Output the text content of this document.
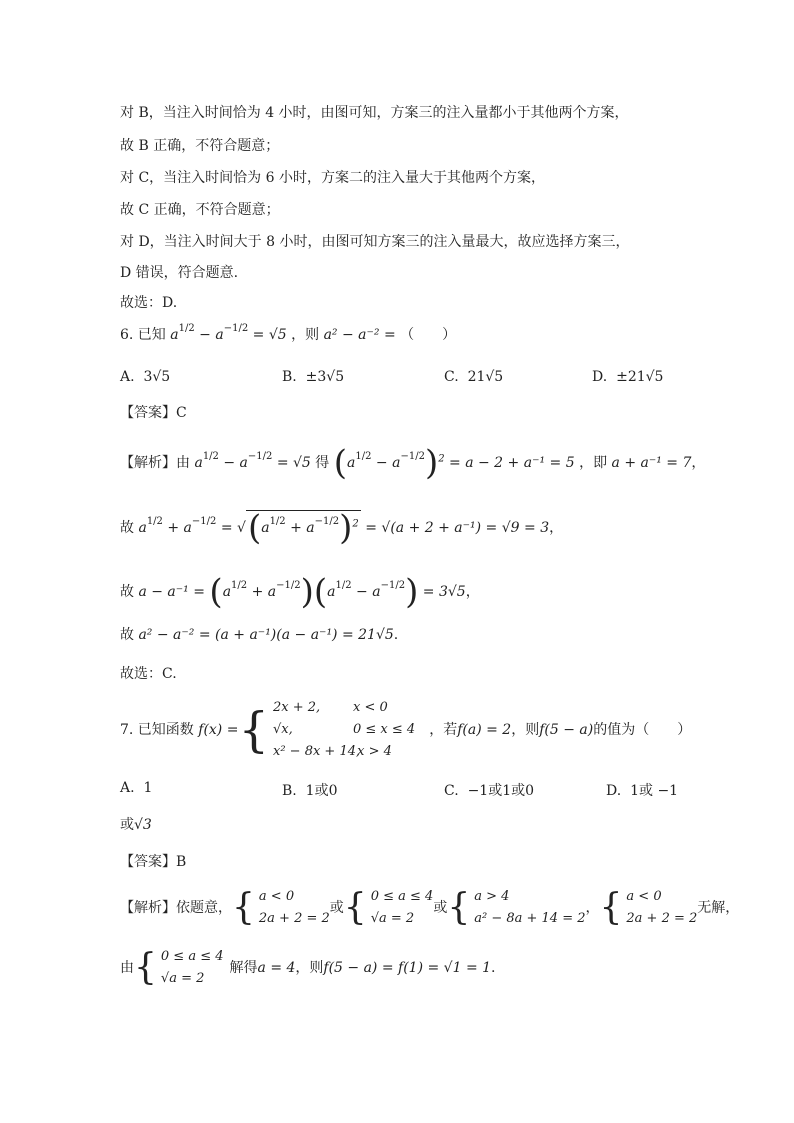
对 B，当注入时间恰为 4 小时，由图可知，方案三的注入量都小于其他两个方案，
故 B 正确，不符合题意；
对 C，当注入时间恰为 6 小时，方案二的注入量大于其他两个方案，
故 C 正确，不符合题意；
对 D，当注入时间大于 8 小时，由图可知方案三的注入量最大，故应选择方案三，
D 错误，符合题意.
故选：D.
6. 已知 $a^{1/2} - a^{-1/2} = √5$ ，则 a² − a⁻² = （　　）
A.  3√5	B.  ±3√5	C.  21√5	D.  ±21√5
【答案】C
【解析】由 $a^{1/2} - a^{-1/2} = √5$ 得 $(a^{1/2} - a^{-1/2})^2 = a - 2 + a^{-1} = 5$ ，即 a + a⁻¹ = 7，
故 $a^{1/2} + a^{-1/2} = √(a^{1/2} + a^{-1/2})^2 = √(a + 2 + a^{-1}) = √9 = 3$，
故 $a - a^{-1} = (a^{1/2} + a^{-1/2})(a^{1/2} - a^{-1/2}) = 3√5$，
故 a² − a⁻² = (a + a⁻¹)(a − a⁻¹) = 21√5.
故选：C.
7. 已知函数
f(x) = { 2x + 2,	x < 0
√x,	0 ≤ x ≤ 4
x² − 8x + 14, x > 4
，若 f(a) = 2 ，则 f(5 − a) 的值为（　　）
A. 1	B. 1或0	C. −1或1或0	D. 1或 −1
或√3
【答案】B
【解析】依题意， { a < 0
2a + 2 = 2
或 { 0 ≤ a ≤ 4
√a = 2
或 { a > 4
a² − 8a + 14 = 2
， { a < 0
2a + 2 = 2
无解，
由 { 0 ≤ a ≤ 4
√a = 2
解得 a = 4 ，则 f(5 − a) = f(1) = √1 = 1 .
